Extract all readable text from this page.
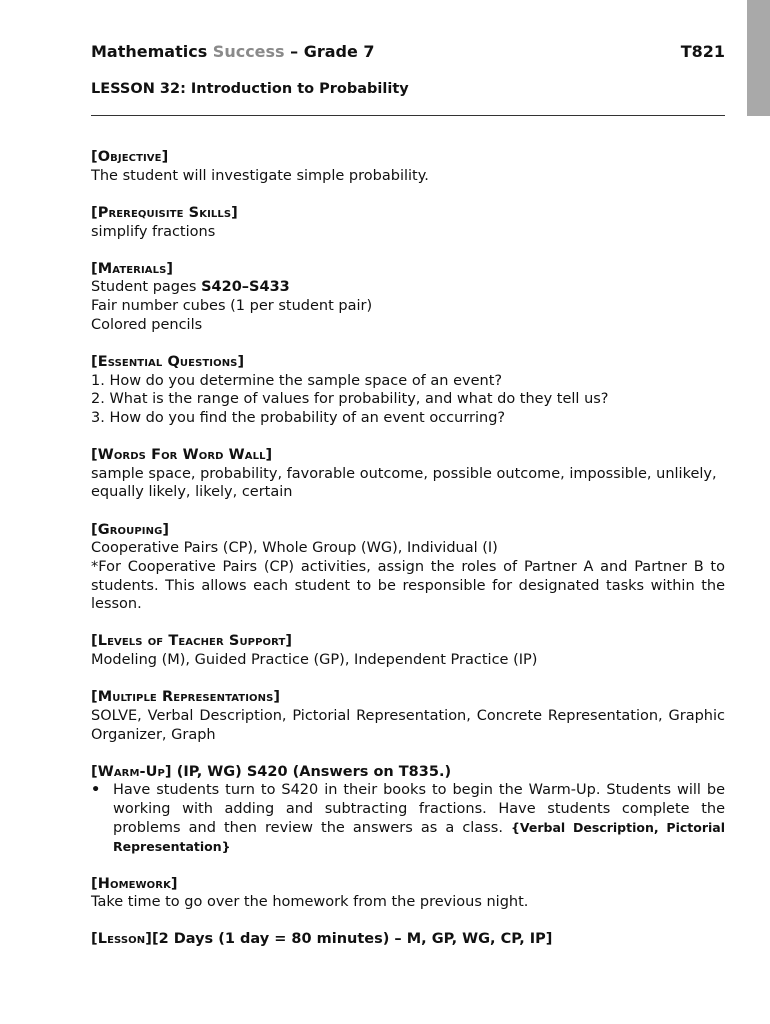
Mathematics Success – Grade 7	T821
LESSON 32: Introduction to Probability
[Objective]
The student will investigate simple probability.
[Prerequisite Skills]
simplify fractions
[Materials]
Student pages S420–S433
Fair number cubes (1 per student pair)
Colored pencils
[Essential Questions]
1. How do you determine the sample space of an event?
2. What is the range of values for probability, and what do they tell us?
3. How do you find the probability of an event occurring?
[Words For Word Wall]
sample space, probability, favorable outcome, possible outcome, impossible, unlikely, equally likely, likely, certain
[Grouping]
Cooperative Pairs (CP), Whole Group (WG), Individual (I)
*For Cooperative Pairs (CP) activities, assign the roles of Partner A and Partner B to students. This allows each student to be responsible for designated tasks within the lesson.
[Levels of Teacher Support]
Modeling (M), Guided Practice (GP), Independent Practice (IP)
[Multiple Representations]
SOLVE, Verbal Description, Pictorial Representation, Concrete Representation, Graphic Organizer, Graph
[Warm-Up] (IP, WG) S420 (Answers on T835.)
• Have students turn to S420 in their books to begin the Warm-Up. Students will be working with adding and subtracting fractions. Have students complete the problems and then review the answers as a class. {Verbal Description, Pictorial Representation}
[Homework]
Take time to go over the homework from the previous night.
[Lesson][2 Days (1 day = 80 minutes) – M, GP, WG, CP, IP]
